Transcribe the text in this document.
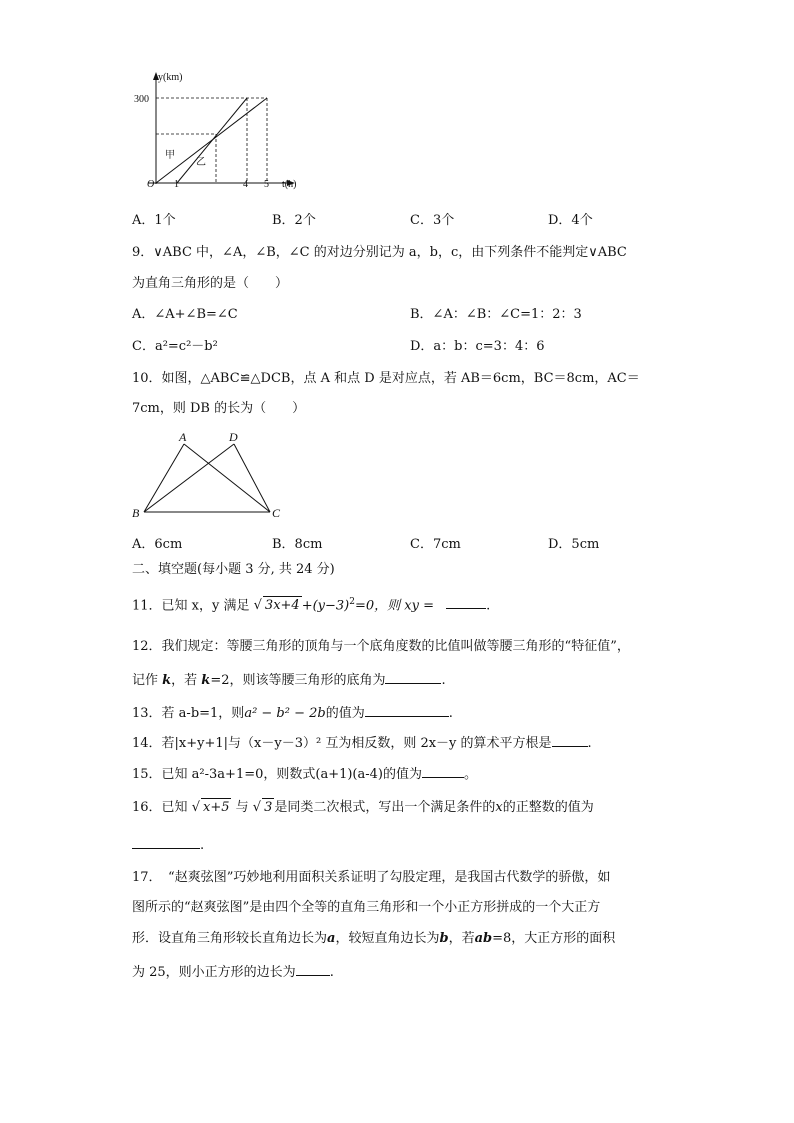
y(km)
300
O 1	4 5 t(h)
甲
乙
A．1个	B．2个	C．3个	D．4个
9．∨ABC 中，∠A，∠B，∠C 的对边分别记为 a，b，c，由下列条件不能判定∨ABC
为直角三角形的是（　　）
A．∠A+∠B=∠C	B．∠A：∠B：∠C=1：2：3
C．a²=c²－b²	D．a：b：c=3：4：6
10．如图，△ABC≌△DCB，点 A 和点 D 是对应点，若 AB＝6cm，BC＝8cm，AC＝
7cm，则 DB 的长为（　　）
A	D
B	C
A．6cm	B．8cm	C．7cm	D．5cm
二、填空题(每小题 3 分, 共 24 分)
11．已知 x，y 满足 √ $3x+4 +(y-3)^2=0$，则 xy =	.
12．我们规定：等腰三角形的顶角与一个底角度数的比值叫做等腰三角形的“特征值”，
记作 k，若 k=2，则该等腰三角形的底角为	.
13．若 a-b=1，则a² − b² − 2b的值为	.
14．若|x+y+1|与（x－y－3）² 互为相反数，则 2x－y 的算术平方根是	.
15．已知 a²-3a+1=0，则数式(a+1)(a-4)的值为	。
16．已知 √ x+5 与 √ 3 是同类二次根式，写出一个满足条件的x的正整数的值为
.
17．　“赵爽弦图”巧妙地利用面积关系证明了勾股定理，是我国古代数学的骄傲，如
图所示的“赵爽弦图”是由四个全等的直角三角形和一个小正方形拼成的一个大正方
形．设直角三角形较长直角边长为a，较短直角边长为b，若ab=8，大正方形的面积
为 25，则小正方形的边长为	.
